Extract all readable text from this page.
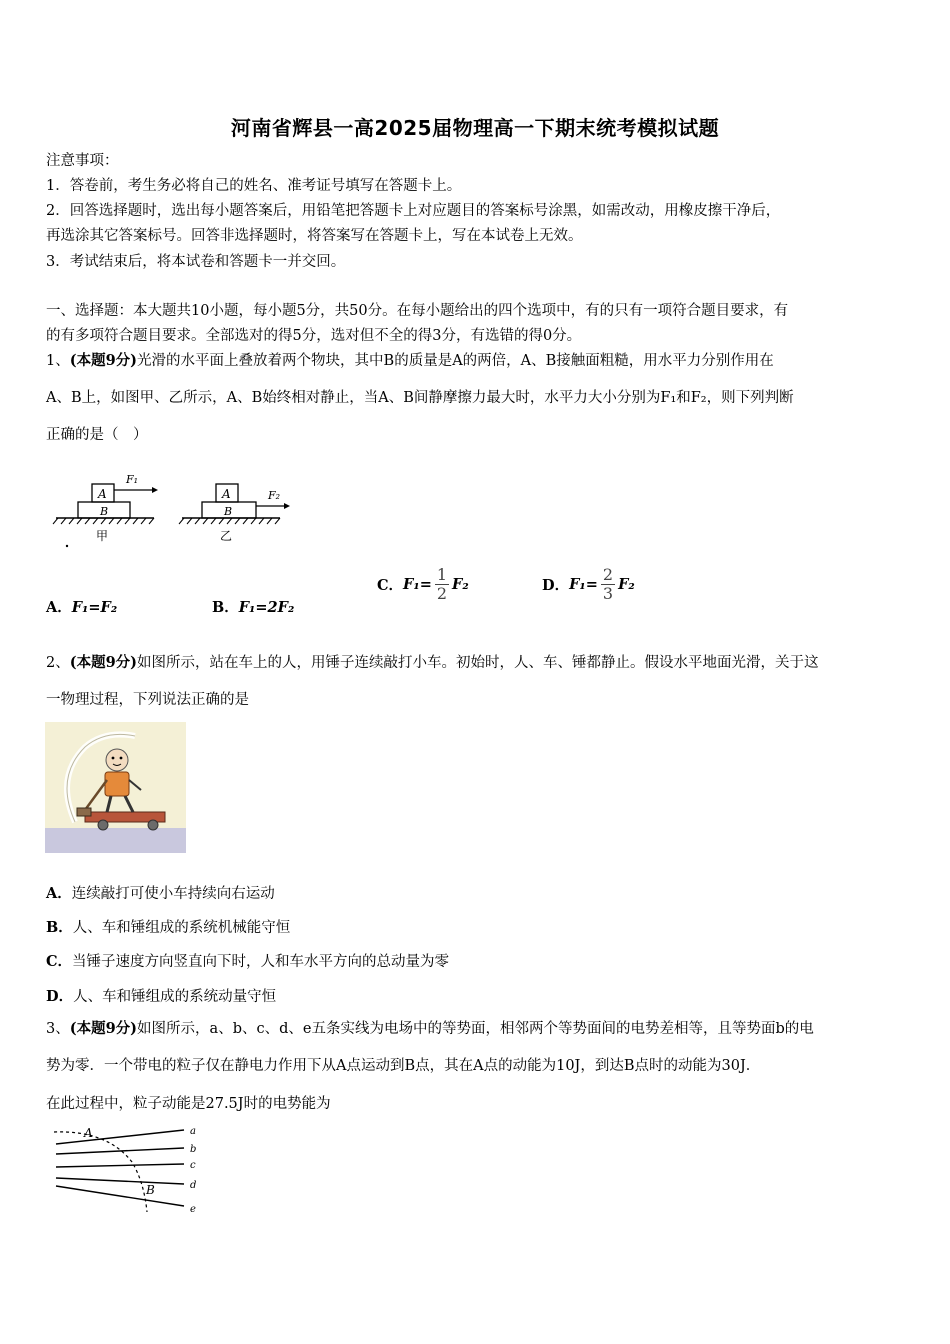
河南省辉县一高2025届物理高一下期末统考模拟试题
注意事项：
1．答卷前，考生务必将自己的姓名、准考证号填写在答题卡上。
2．回答选择题时，选出每小题答案后，用铅笔把答题卡上对应题目的答案标号涂黑，如需改动，用橡皮擦干净后，
再选涂其它答案标号。回答非选择题时，将答案写在答题卡上，写在本试卷上无效。
3．考试结束后，将本试卷和答题卡一并交回。
一、选择题：本大题共10小题，每小题5分，共50分。在每小题给出的四个选项中，有的只有一项符合题目要求，有
的有多项符合题目要求。全部选对的得5分，选对但不全的得3分，有选错的得0分。
1、(本题9分)光滑的水平面上叠放着两个物块，其中B的质量是A的两倍，A、B接触面粗糙，用水平力分别作用在
A、B上，如图甲、乙所示，A、B始终相对静止，当A、B间静摩擦力最大时，水平力大小分别为F₁和F₂，则下列判断
正确的是（　）
A
B
F₁
甲
A
B
F₂
乙
A．F₁=F₂	B．F₁=2F₂
C．$F_1= \frac{1}{2} F_2$	D．$F_1= \frac{2}{3} F_2$
2、(本题9分)如图所示，站在车上的人，用锤子连续敲打小车。初始时，人、车、锤都静止。假设水平地面光滑，关于这
一物理过程，下列说法正确的是
A．连续敲打可使小车持续向右运动
B．人、车和锤组成的系统机械能守恒
C．当锤子速度方向竖直向下时，人和车水平方向的总动量为零
D．人、车和锤组成的系统动量守恒
3、(本题9分)如图所示，a、b、c、d、e五条实线为电场中的等势面，相邻两个等势面间的电势差相等，且等势面b的电
势为零．一个带电的粒子仅在静电力作用下从A点运动到B点，其在A点的动能为10J，到达B点时的动能为30J．
在此过程中，粒子动能是27.5J时的电势能为
A
B
a
b
c
d
e
